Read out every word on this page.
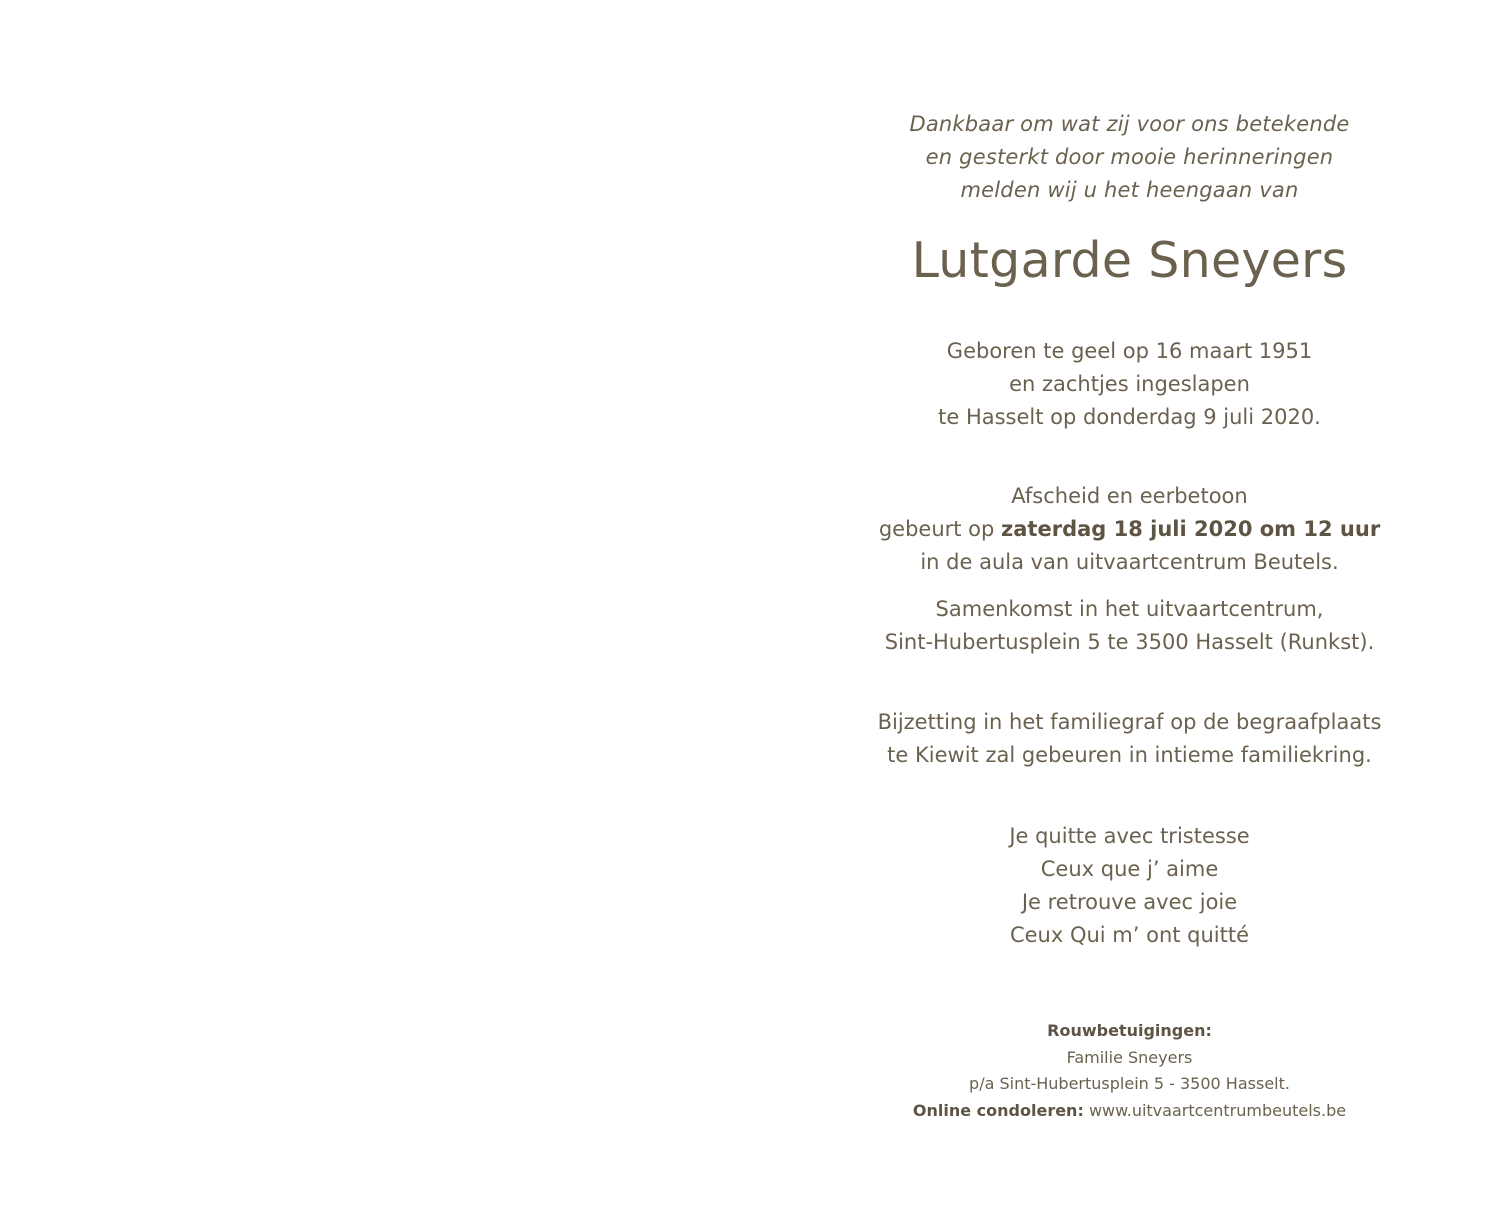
Dankbaar om wat zij voor ons betekende
en gesterkt door mooie herinneringen
melden wij u het heengaan van
Lutgarde Sneyers
Geboren te geel op 16 maart 1951
en zachtjes ingeslapen
te Hasselt op donderdag 9 juli 2020.
Afscheid en eerbetoon
gebeurt op zaterdag 18 juli 2020 om 12 uur
in de aula van uitvaartcentrum Beutels.
Samenkomst in het uitvaartcentrum,
Sint-Hubertusplein 5 te 3500 Hasselt (Runkst).
Bijzetting in het familiegraf op de begraafplaats
te Kiewit zal gebeuren in intieme familiekring.
Je quitte avec tristesse
Ceux que j’ aime
Je retrouve avec joie
Ceux Qui m’ ont quitté
Rouwbetuigingen:
Familie Sneyers
p/a Sint-Hubertusplein 5 - 3500 Hasselt.
Online condoleren: www.uitvaartcentrumbeutels.be
